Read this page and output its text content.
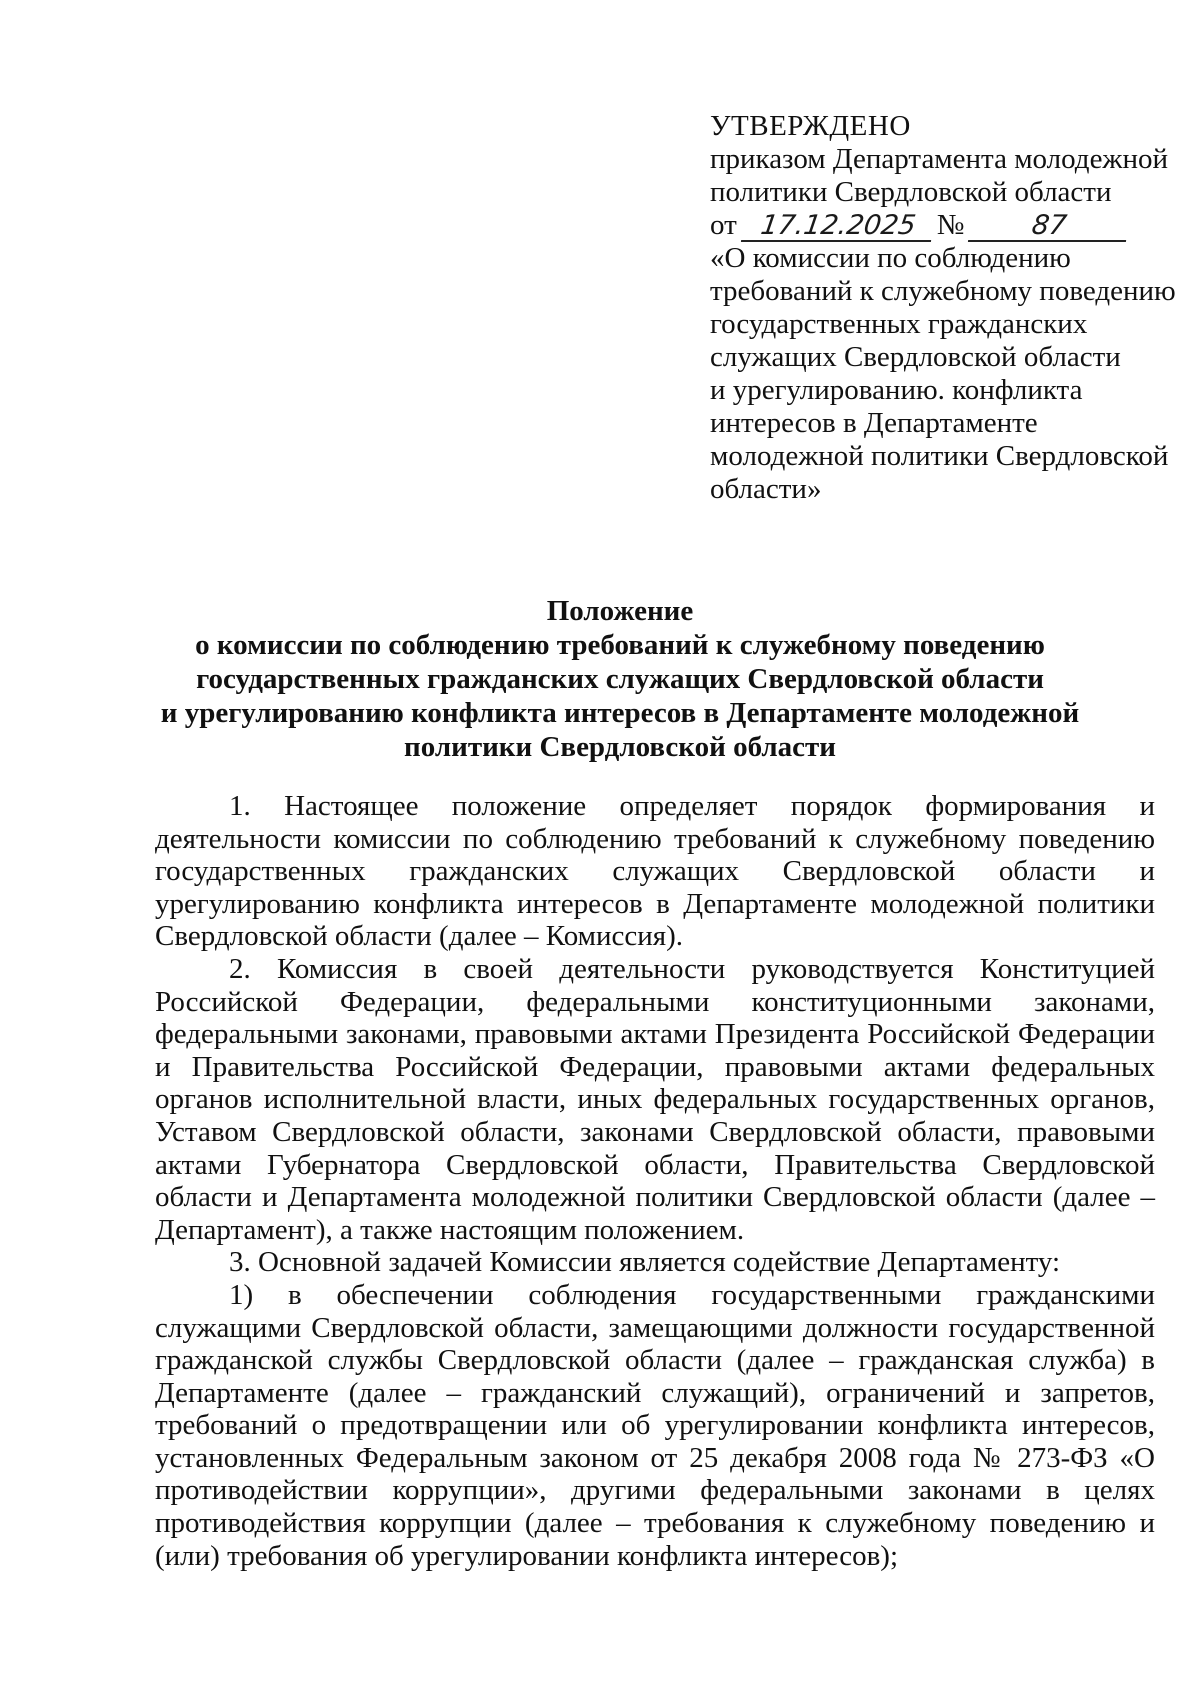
УТВЕРЖДЕНО
приказом Департамента молодежной
политики Свердловской области
от 17.12.2025 №	87
«О комиссии по соблюдению
требований к служебному поведению
государственных гражданских
служащих Свердловской области
и урегулированию. конфликта
интересов в Департаменте
молодежной политики Свердловской
области»
Положение
о комиссии по соблюдению требований к служебному поведению
государственных гражданских служащих Свердловской области
и урегулированию конфликта интересов в Департаменте молодежной
политики Свердловской области

1. Настоящее положение определяет порядок формирования и деятельности комиссии по соблюдению требований к служебному поведению государственных гражданских служащих Свердловской области и урегулированию конфликта интересов в Департаменте молодежной политики Свердловской области (далее – Комиссия).

2. Комиссия в своей деятельности руководствуется Конституцией Российской Федерации, федеральными конституционными законами, федеральными законами, правовыми актами Президента Российской Федерации и Правительства Российской Федерации, правовыми актами федеральных органов исполнительной власти, иных федеральных государственных органов, Уставом Свердловской области, законами Свердловской области, правовыми актами Губернатора Свердловской области, Правительства Свердловской области и Департамента молодежной политики Свердловской области (далее – Департамент), а также настоящим положением.

3. Основной задачей Комиссии является содействие Департаменту:

1) в обеспечении соблюдения государственными гражданскими служащими Свердловской области, замещающими должности государственной гражданской службы Свердловской области (далее – гражданская служба) в Департаменте (далее – гражданский служащий), ограничений и запретов, требований о предотвращении или об урегулировании конфликта интересов, установленных Федеральным законом от 25 декабря 2008 года № 273-ФЗ «О противодействии коррупции», другими федеральными законами в целях противодействия коррупции (далее – требования к служебному поведению и (или) требования об урегулировании конфликта интересов);
